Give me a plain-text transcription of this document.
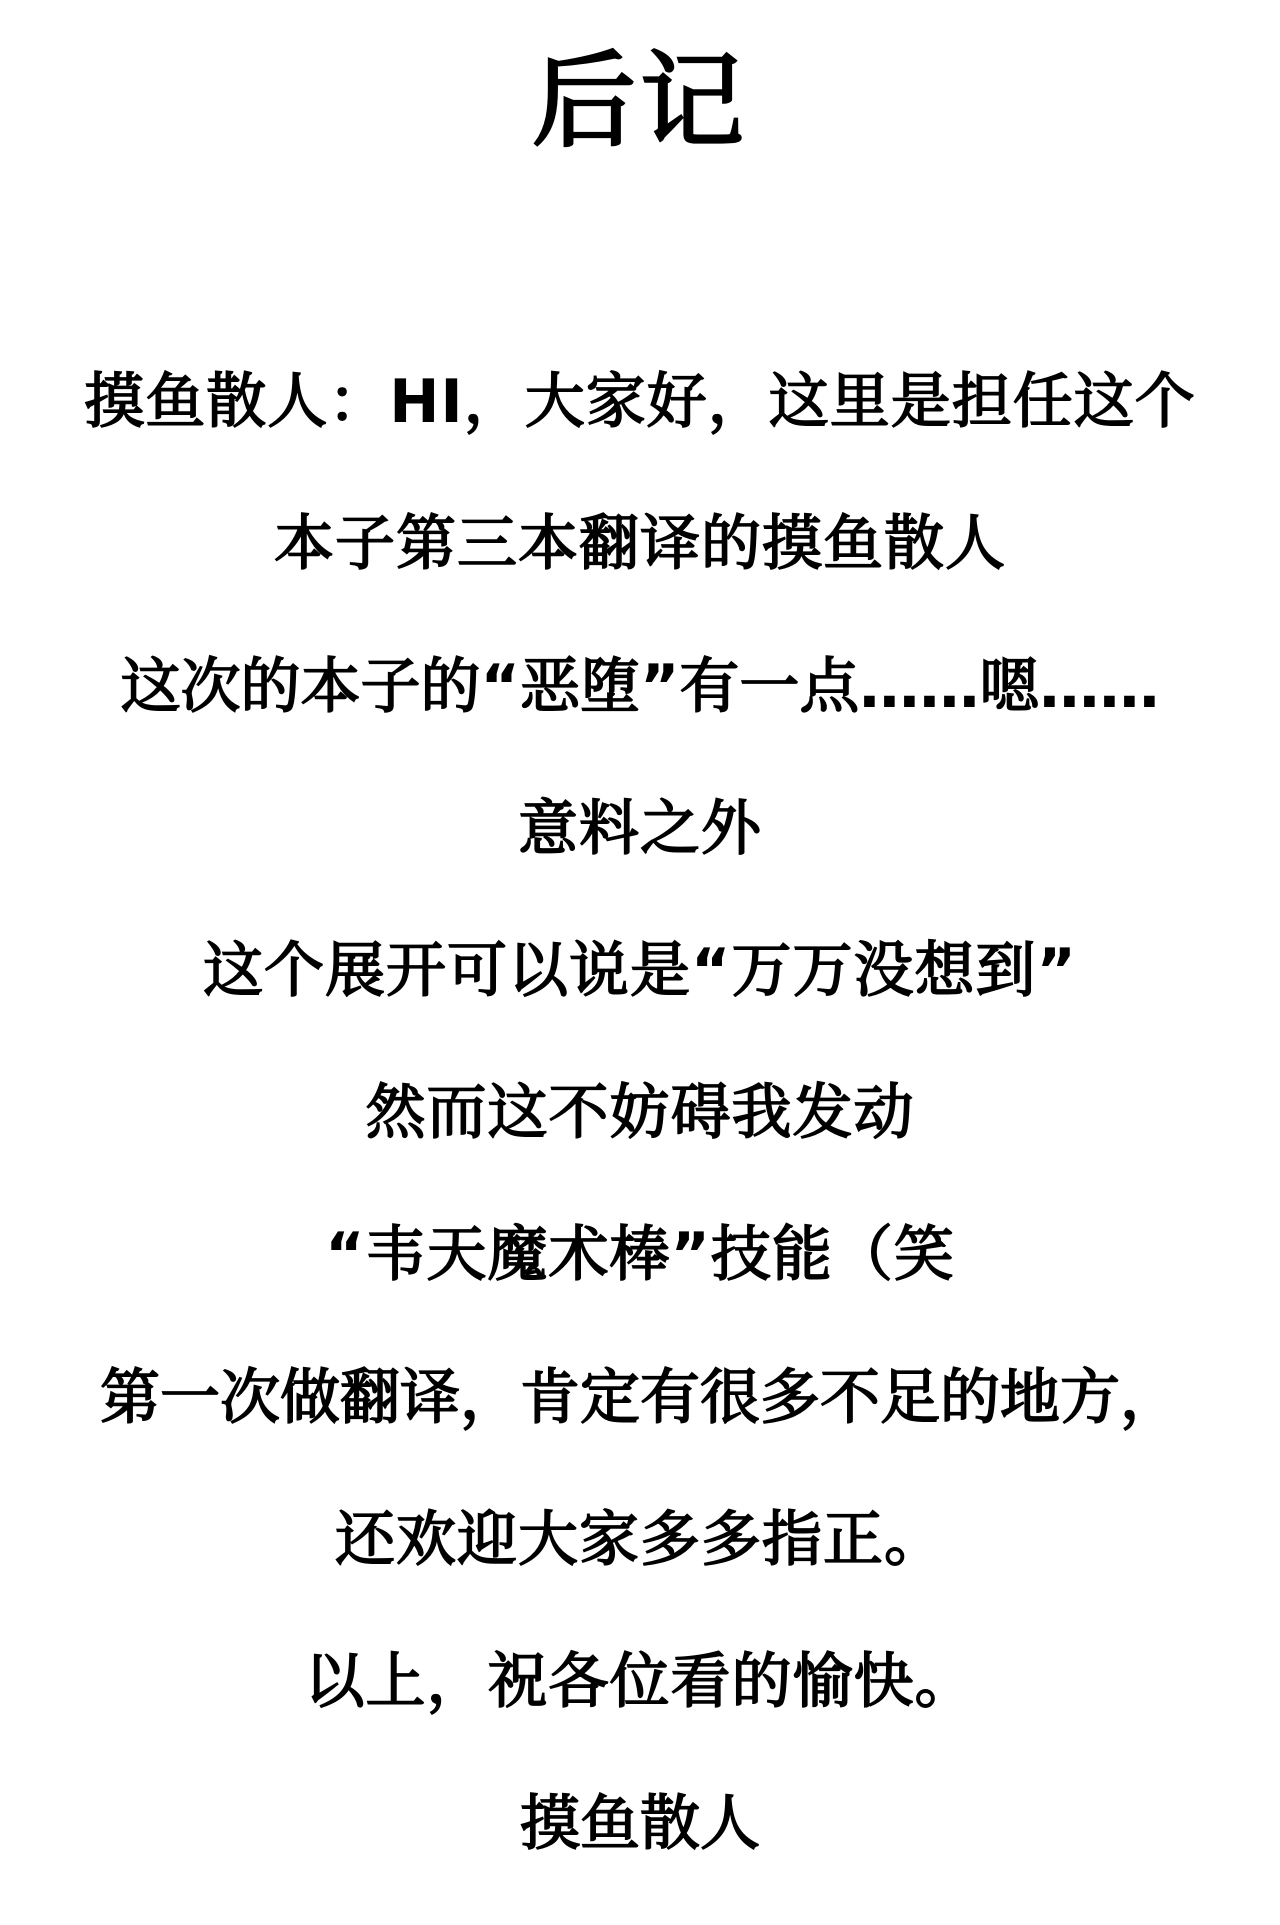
后记

摸鱼散人：HI，大家好，这里是担任这个

本子第三本翻译的摸鱼散人

这次的本子的“恶堕”有一点……嗯……

意料之外

这个展开可以说是“万万没想到”

然而这不妨碍我发动

“韦天魔术棒”技能（笑

第一次做翻译，肯定有很多不足的地方，

还欢迎大家多多指正。

以上，祝各位看的愉快。

摸鱼散人
